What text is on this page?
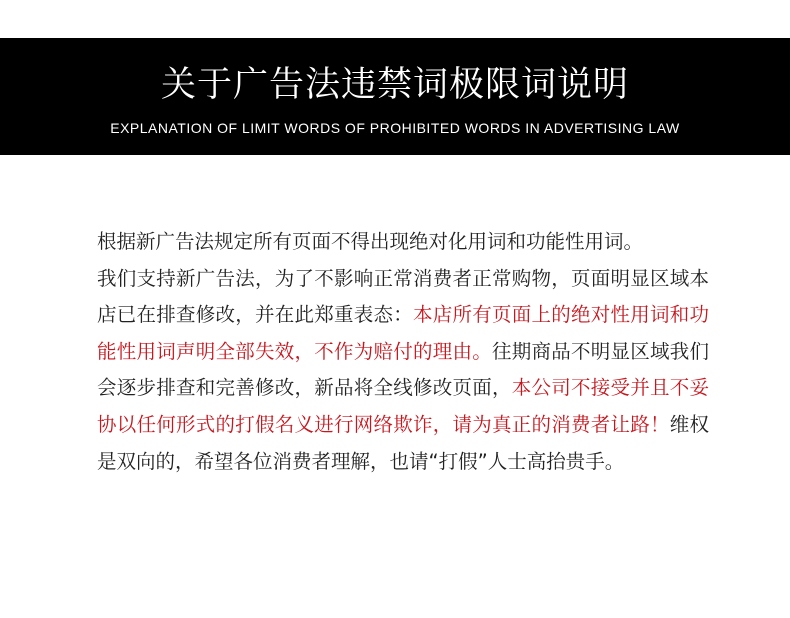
关于广告法违禁词极限词说明

EXPLANATION OF LIMIT WORDS OF PROHIBITED WORDS IN ADVERTISING LAW

根据新广告法规定所有页面不得出现绝对化用词和功能性用词。
我们支持新广告法，为了不影响正常消费者正常购物，页面明显区域本店已在排查修改，并在此郑重表态：本店所有页面上的绝对性用词和功能性用词声明全部失效，不作为赔付的理由。往期商品不明显区域我们会逐步排查和完善修改，新品将全线修改页面，本公司不接受并且不妥协以任何形式的打假名义进行网络欺诈，请为真正的消费者让路！维权是双向的，希望各位消费者理解，也请“打假”人士高抬贵手。
